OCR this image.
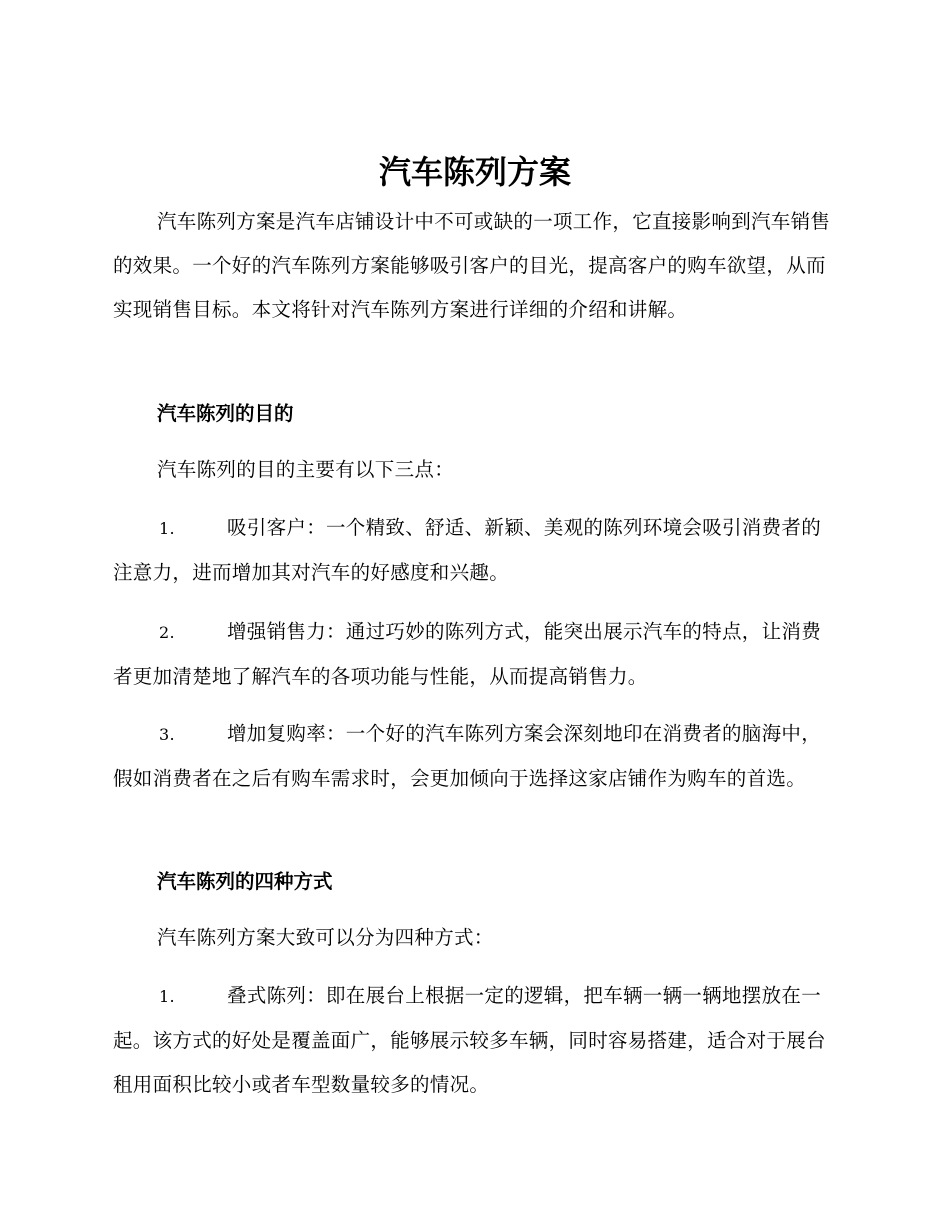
汽车陈列方案
汽车陈列方案是汽车店铺设计中不可或缺的一项工作，它直接影响到汽车销售的效果。一个好的汽车陈列方案能够吸引客户的目光，提高客户的购车欲望，从而实现销售目标。本文将针对汽车陈列方案进行详细的介绍和讲解。
汽车陈列的目的
汽车陈列的目的主要有以下三点：
1.	吸引客户：一个精致、舒适、新颖、美观的陈列环境会吸引消费者的注意力，进而增加其对汽车的好感度和兴趣。
2.	增强销售力：通过巧妙的陈列方式，能突出展示汽车的特点，让消费者更加清楚地了解汽车的各项功能与性能，从而提高销售力。
3.	增加复购率：一个好的汽车陈列方案会深刻地印在消费者的脑海中，假如消费者在之后有购车需求时，会更加倾向于选择这家店铺作为购车的首选。
汽车陈列的四种方式
汽车陈列方案大致可以分为四种方式：
1.	叠式陈列：即在展台上根据一定的逻辑，把车辆一辆一辆地摆放在一起。该方式的好处是覆盖面广，能够展示较多车辆，同时容易搭建，适合对于展台租用面积比较小或者车型数量较多的情况。
